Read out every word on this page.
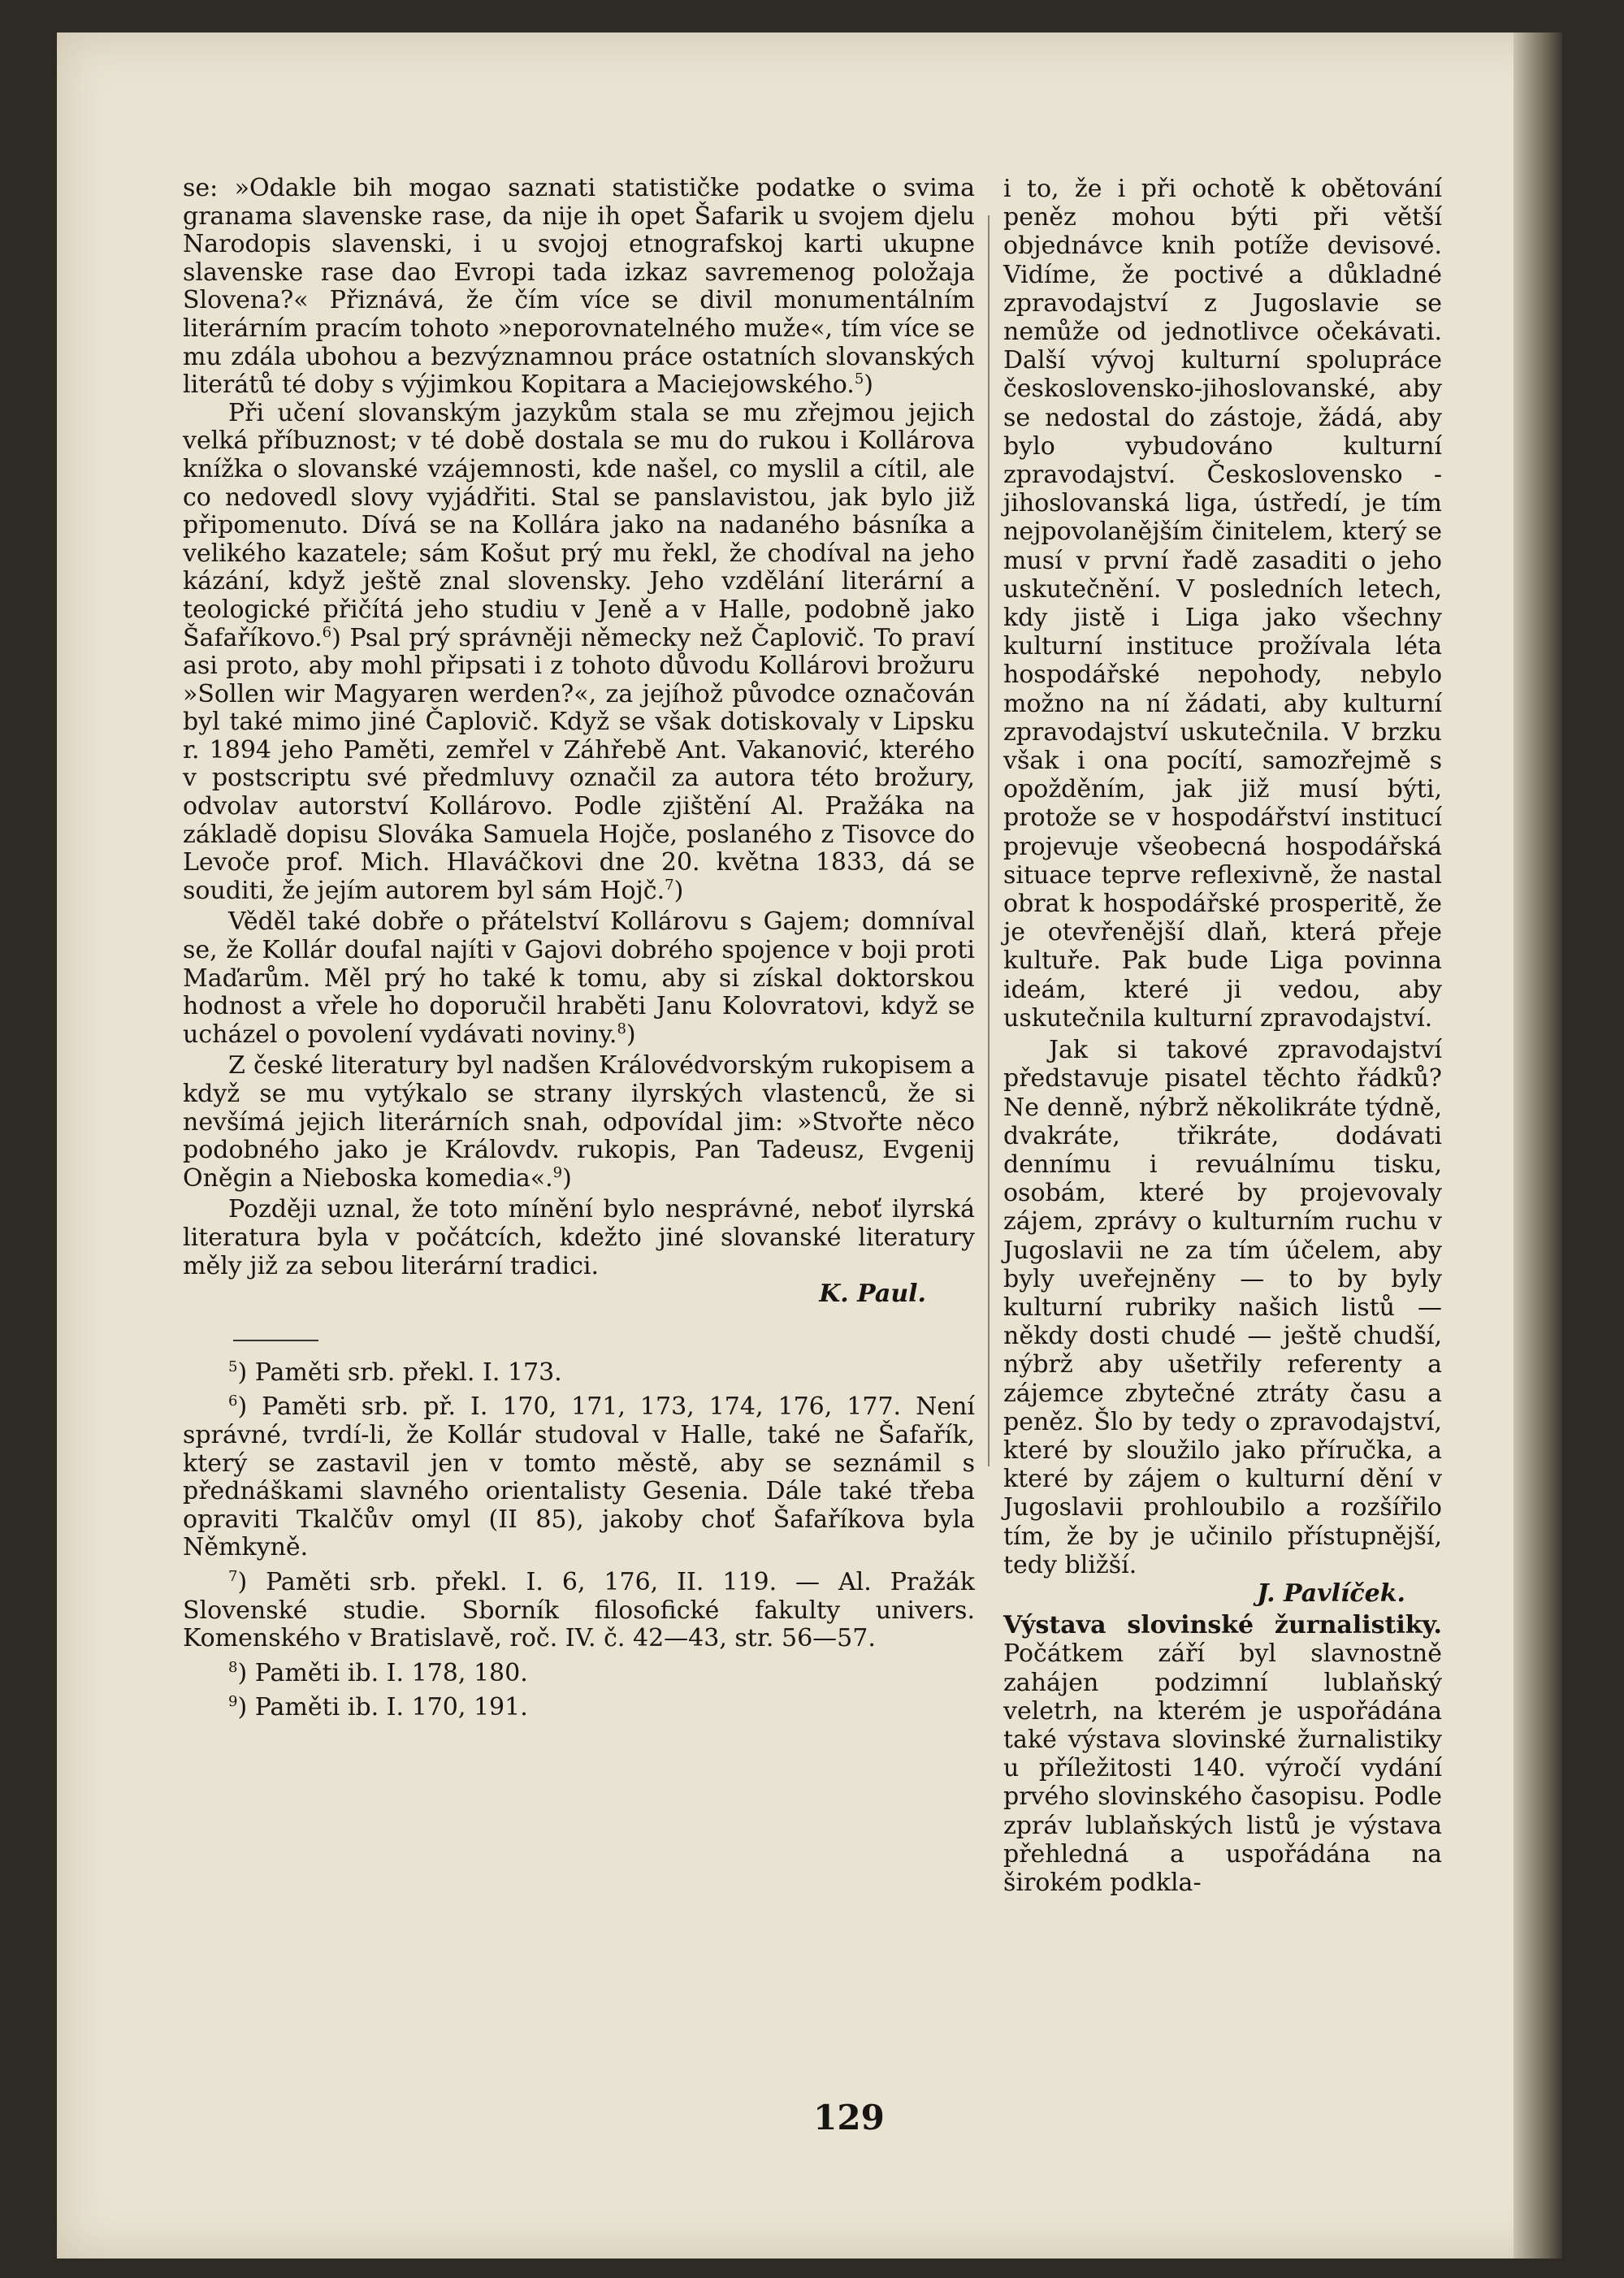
se: »Odakle bih mogao saznati statističke podatke o svima granama slavenske rase, da nije ih opet Šafarik u svojem djelu Narodopis slavenski, i u svojoj etnografskoj karti ukupne slavenske rase dao Evropi tada izkaz savremenog položaja Slovena?« Přiznává, že čím více se divil monumentálním literárním pracím tohoto »neporovnatelného muže«, tím více se mu zdála ubohou a bezvýznamnou práce ostatních slovanských literátů té doby s výjimkou Kopitara a Maciejowského.$^5$)

Při učení slovanským jazykům stala se mu zřejmou jejich velká příbuznost; v té době dostala se mu do rukou i Kollárova knížka o slovanské vzájemnosti, kde našel, co myslil a cítil, ale co nedovedl slovy vyjádřiti. Stal se panslavistou, jak bylo již připomenuto. Dívá se na Kollára jako na nadaného básníka a velikého kazatele; sám Košut prý mu řekl, že chodíval na jeho kázání, když ještě znal slovensky. Jeho vzdělání literární a teologické přičítá jeho studiu v Jeně a v Halle, podobně jako Šafaříkovo.$^6$) Psal prý správněji německy než Čaplovič. To praví asi proto, aby mohl připsati i z tohoto důvodu Kollárovi brožuru »Sollen wir Magyaren werden?«, za jejíhož původce označován byl také mimo jiné Čaplovič. Když se však dotiskovaly v Lipsku r. 1894 jeho Paměti, zemřel v Záhřebě Ant. Vakanović, kterého v postscriptu své předmluvy označil za autora této brožury, odvolav autorství Kollárovo. Podle zjištění Al. Pražáka na základě dopisu Slováka Samuela Hojče, poslaného z Tisovce do Levoče prof. Mich. Hlaváčkovi dne 20. května 1833, dá se souditi, že jejím autorem byl sám Hojč.$^7$)

Věděl také dobře o přátelství Kollárovu s Gajem; domníval se, že Kollár doufal najíti v Gajovi dobrého spojence v boji proti Maďarům. Měl prý ho také k tomu, aby si získal doktorskou hodnost a vřele ho doporučil hraběti Janu Kolovratovi, když se ucházel o povolení vydávati noviny.$^8$)

Z české literatury byl nadšen Královédvorským rukopisem a když se mu vytýkalo se strany ilyrských vlastenců, že si nevšímá jejich literárních snah, odpovídal jim: »Stvořte něco podobného jako je Královdv. rukopis, Pan Tadeusz, Evgenij Oněgin a Nieboska komedia«.$^9$)

Později uznal, že toto mínění bylo nesprávné, neboť ilyrská literatura byla v počátcích, kdežto jiné slovanské literatury měly již za sebou literární tradici.

K. Paul.

$^5$) Paměti srb. překl. I. 173.

$^6$) Paměti srb. př. I. 170, 171, 173, 174, 176, 177. Není správné, tvrdí-li, že Kollár studoval v Halle, také ne Šafařík, který se zastavil jen v tomto městě, aby se seznámil s přednáškami slavného orientalisty Gesenia. Dále také třeba opraviti Tkalčův omyl (II 85), jakoby choť Šafaříkova byla Němkyně.

$^7$) Paměti srb. překl. I. 6, 176, II. 119. — Al. Pražák Slovenské studie. Sborník filosofické fakulty univers. Komenského v Bratislavě, roč. IV. č. 42—43, str. 56—57.

$^8$) Paměti ib. I. 178, 180.

$^9$) Paměti ib. I. 170, 191.

i to, že i při ochotě k obětování peněz mohou býti při větší objednávce knih potíže devisové. Vidíme, že poctivé a důkladné zpravodajství z Jugoslavie se nemůže od jednotlivce očekávati. Další vývoj kulturní spolupráce československo-jihoslovanské, aby se nedostal do zástoje, žádá, aby bylo vybudováno kulturní zpravodajství. Československo - jihoslovanská liga, ústředí, je tím nejpovolanějším činitelem, který se musí v první řadě zasaditi o jeho uskutečnění. V posledních letech, kdy jistě i Liga jako všechny kulturní instituce prožívala léta hospodářské nepohody, nebylo možno na ní žádati, aby kulturní zpravodajství uskutečnila. V brzku však i ona pocítí, samozřejmě s opožděním, jak již musí býti, protože se v hospodářství institucí projevuje všeobecná hospodářská situace teprve reflexivně, že nastal obrat k hospodářské prosperitě, že je otevřenější dlaň, která přeje kultuře. Pak bude Liga povinna ideám, které ji vedou, aby uskutečnila kulturní zpravodajství.

Jak si takové zpravodajství představuje pisatel těchto řádků? Ne denně, nýbrž několikráte týdně, dvakráte, třikráte, dodávati dennímu i revuálnímu tisku, osobám, které by projevovaly zájem, zprávy o kulturním ruchu v Jugoslavii ne za tím účelem, aby byly uveřejněny — to by byly kulturní rubriky našich listů — někdy dosti chudé — ještě chudší, nýbrž aby ušetřily referenty a zájemce zbytečné ztráty času a peněz. Šlo by tedy o zpravodajství, které by sloužilo jako příručka, a které by zájem o kulturní dění v Jugoslavii prohloubilo a rozšířilo tím, že by je učinilo přístupnější, tedy bližší.

J. Pavlíček.

Výstava slovinské žurnalistiky. Počátkem září byl slavnostně zahájen podzimní lublaňský veletrh, na kterém je uspořádána také výstava slovinské žurnalistiky u příležitosti 140. výročí vydání prvého slovinského časopisu. Podle zpráv lublaňských listů je výstava přehledná a uspořádána na širokém podkla-

129
